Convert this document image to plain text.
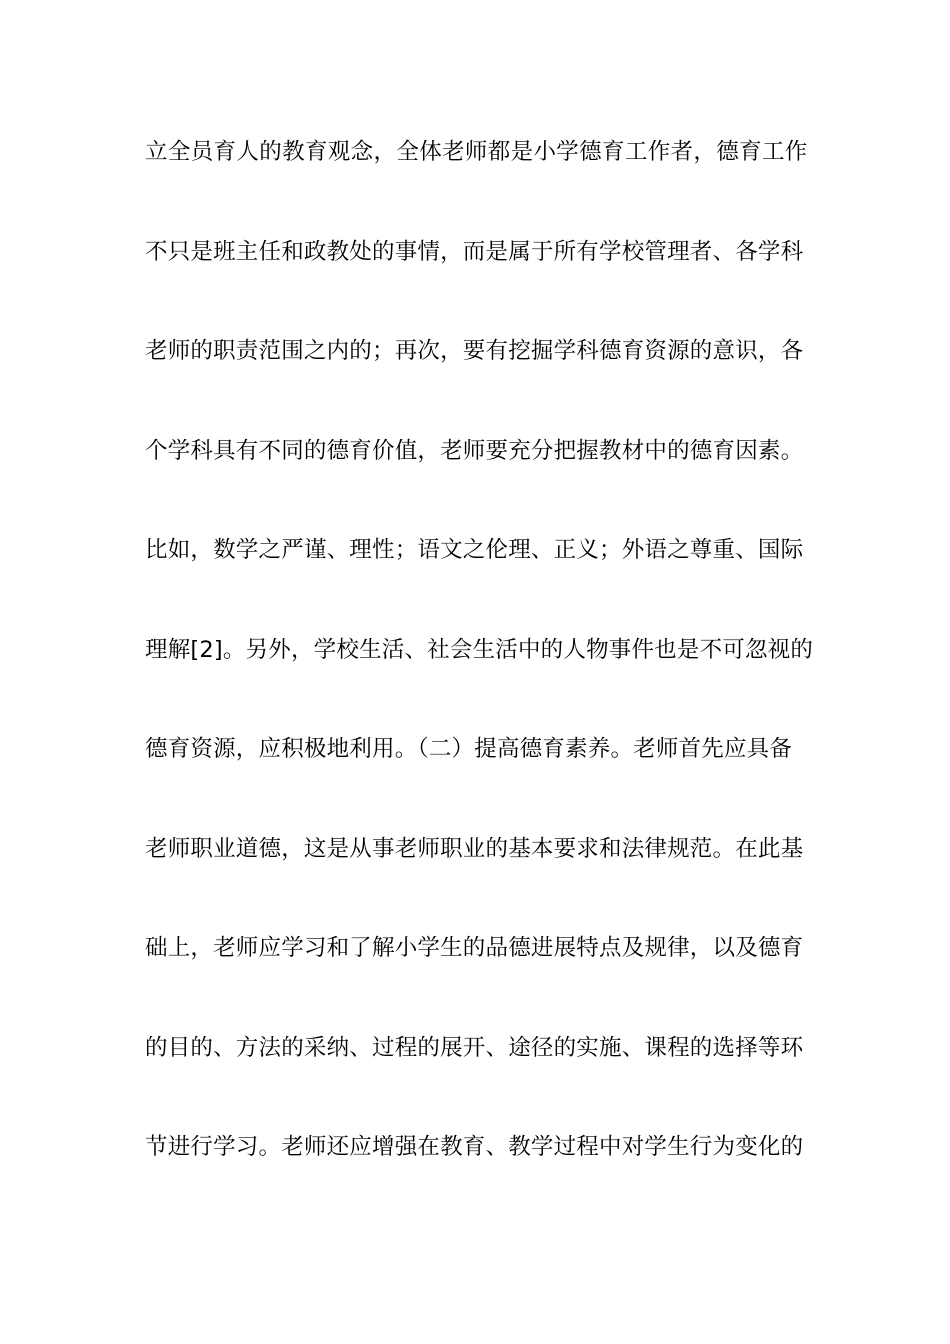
立全员育人的教育观念，全体老师都是小学德育工作者，德育工作
不只是班主任和政教处的事情，而是属于所有学校管理者、各学科
老师的职责范围之内的；再次，要有挖掘学科德育资源的意识，各
个学科具有不同的德育价值，老师要充分把握教材中的德育因素。
比如，数学之严谨、理性；语文之伦理、正义；外语之尊重、国际
理解[2]。另外，学校生活、社会生活中的人物事件也是不可忽视的
德育资源，应积极地利用。（二）提高德育素养。老师首先应具备
老师职业道德，这是从事老师职业的基本要求和法律规范。在此基
础上，老师应学习和了解小学生的品德进展特点及规律，以及德育
的目的、方法的采纳、过程的展开、途径的实施、课程的选择等环
节进行学习。老师还应增强在教育、教学过程中对学生行为变化的
